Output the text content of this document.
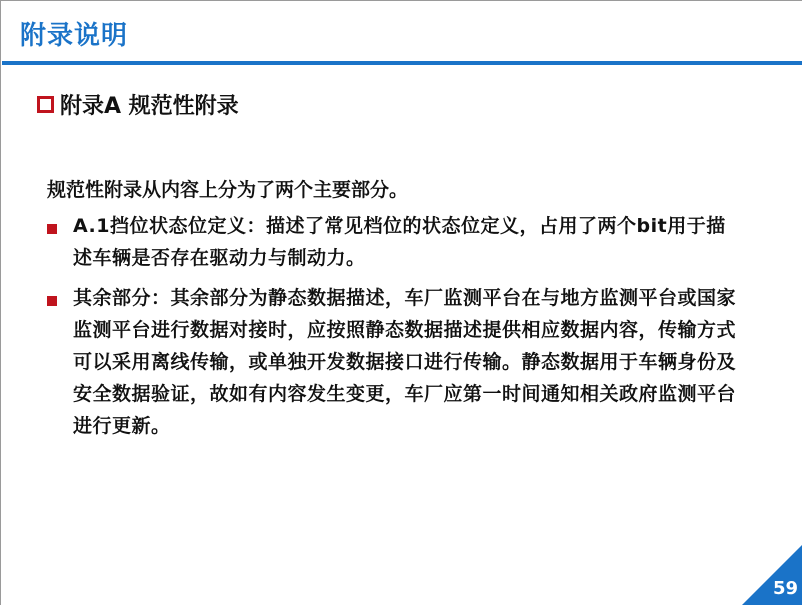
附录说明
附录A 规范性附录
规范性附录从内容上分为了两个主要部分。
A.1挡位状态位定义：描述了常见档位的状态位定义，占用了两个bit用于描述车辆是否存在驱动力与制动力。
其余部分：其余部分为静态数据描述，车厂监测平台在与地方监测平台或国家监测平台进行数据对接时，应按照静态数据描述提供相应数据内容，传输方式可以采用离线传输，或单独开发数据接口进行传输。静态数据用于车辆身份及安全数据验证，故如有内容发生变更，车厂应第一时间通知相关政府监测平台进行更新。
59
